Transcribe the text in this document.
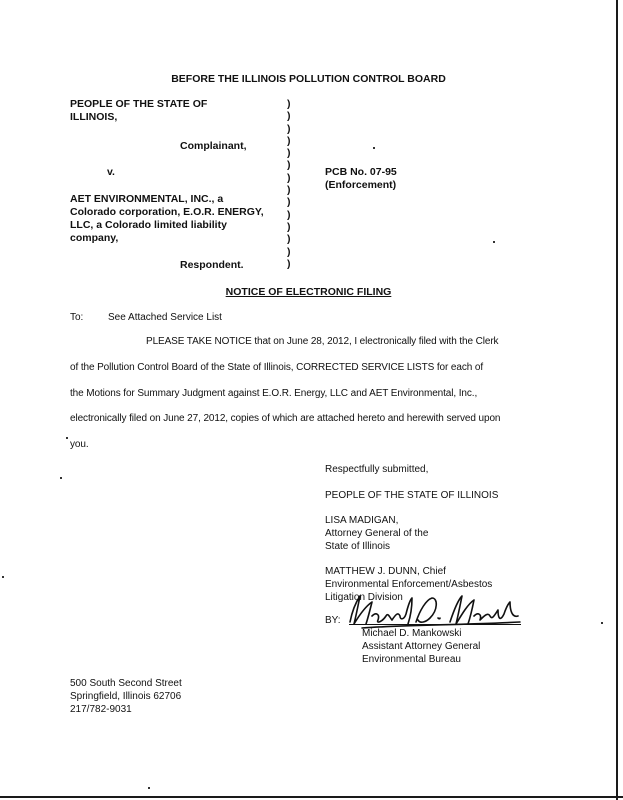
BEFORE THE ILLINOIS POLLUTION CONTROL BOARD
PEOPLE OF THE STATE OF
ILLINOIS,
Complainant,
v.
AET ENVIRONMENTAL, INC., a
Colorado corporation, E.O.R. ENERGY,
LLC, a Colorado limited liability
company,
Respondent.
)
)
)
)
)
)
)
)
)
)
)
)
)
)
PCB No. 07-95
(Enforcement)
NOTICE OF ELECTRONIC FILING
To: See Attached Service List
PLEASE TAKE NOTICE that on June 28, 2012, I electronically filed with the Clerk
of the Pollution Control Board of the State of Illinois, CORRECTED SERVICE LISTS for each of
the Motions for Summary Judgment against E.O.R. Energy, LLC and AET Environmental, Inc.,
electronically filed on June 27, 2012, copies of which are attached hereto and herewith served upon
you.
Respectfully submitted,
PEOPLE OF THE STATE OF ILLINOIS
LISA MADIGAN,
Attorney General of the
State of Illinois
MATTHEW J. DUNN, Chief
Environmental Enforcement/Asbestos
Litigation Division
BY:
Michael D. Mankowski
Assistant Attorney General
Environmental Bureau
500 South Second Street
Springfield, Illinois 62706
217/782-9031
